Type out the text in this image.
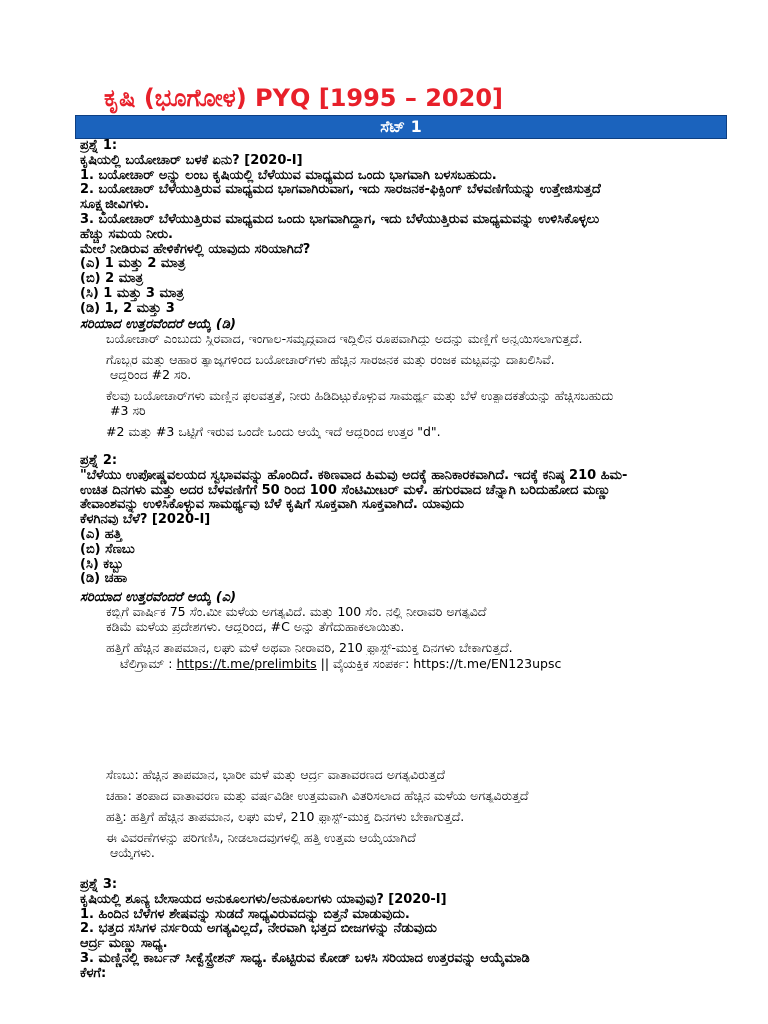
ಕೃಷಿ (ಭೂಗೋಳ) PYQ [1995 – 2020]
ಸೆಟ್ 1
ಪ್ರಶ್ನೆ 1:
ಕೃಷಿಯಲ್ಲಿ ಬಯೋಚಾರ್ ಬಳಕೆ ಏನು? [2020-I]
1. ಬಯೋಚಾರ್ ಅನ್ನು ಲಂಬ ಕೃಷಿಯಲ್ಲಿ ಬೆಳೆಯುವ ಮಾಧ್ಯಮದ ಒಂದು ಭಾಗವಾಗಿ ಬಳಸಬಹುದು.
2. ಬಯೋಚಾರ್ ಬೆಳೆಯುತ್ತಿರುವ ಮಾಧ್ಯಮದ ಭಾಗವಾಗಿರುವಾಗ, ಇದು ಸಾರಜನಕ-ಫಿಕ್ಸಿಂಗ್ ಬೆಳವಣಿಗೆಯನ್ನು ಉತ್ತೇಜಿಸುತ್ತದೆ
ಸೂಕ್ಷ್ಮಜೀವಿಗಳು.
3. ಬಯೋಚಾರ್ ಬೆಳೆಯುತ್ತಿರುವ ಮಾಧ್ಯಮದ ಒಂದು ಭಾಗವಾಗಿದ್ದಾಗ, ಇದು ಬೆಳೆಯುತ್ತಿರುವ ಮಾಧ್ಯಮವನ್ನು ಉಳಿಸಿಕೊಳ್ಳಲು
ಹೆಚ್ಚು ಸಮಯ ನೀರು.
ಮೇಲೆ ನೀಡಿರುವ ಹೇಳಿಕೆಗಳಲ್ಲಿ ಯಾವುದು ಸರಿಯಾಗಿದೆ?
(ಎ) 1 ಮತ್ತು 2 ಮಾತ್ರ
(ಬಿ) 2 ಮಾತ್ರ
(ಸಿ) 1 ಮತ್ತು 3 ಮಾತ್ರ
(ಡಿ) 1, 2 ಮತ್ತು 3
ಸರಿಯಾದ ಉತ್ತರವೆಂದರೆ ಆಯ್ಕೆ (ಡಿ)
ಬಯೋಚಾರ್ ಎಂಬುದು ಸ್ಥಿರವಾದ, ಇಂಗಾಲ-ಸಮೃದ್ಧವಾದ ಇದ್ದಿಲಿನ ರೂಪವಾಗಿದ್ದು ಅದನ್ನು ಮಣ್ಣಿಗೆ ಅನ್ವಯಿಸಲಾಗುತ್ತದೆ.
ಗೊಬ್ಬರ ಮತ್ತು ಆಹಾರ ತ್ಯಾಜ್ಯಗಳಿಂದ ಬಯೋಚಾರ್‌ಗಳು ಹೆಚ್ಚಿನ ಸಾರಜನಕ ಮತ್ತು ರಂಜಕ ಮಟ್ಟವನ್ನು ದಾಖಲಿಸಿವೆ.
ಆದ್ದರಿಂದ #2 ಸರಿ.
ಕೆಲವು ಬಯೋಚಾರ್‌ಗಳು ಮಣ್ಣಿನ ಫಲವತ್ತತೆ, ನೀರು ಹಿಡಿದಿಟ್ಟುಕೊಳ್ಳುವ ಸಾಮರ್ಥ್ಯ ಮತ್ತು ಬೆಳೆ ಉತ್ಪಾದಕತೆಯನ್ನು ಹೆಚ್ಚಿಸಬಹುದು
#3 ಸರಿ
#2 ಮತ್ತು #3 ಒಟ್ಟಿಗೆ ಇರುವ ಒಂದೇ ಒಂದು ಆಯ್ಕೆ ಇದೆ ಆದ್ದರಿಂದ ಉತ್ತರ "d".
ಪ್ರಶ್ನೆ 2:
"ಬೆಳೆಯು ಉಪೋಷ್ಣವಲಯದ ಸ್ವಭಾವವನ್ನು ಹೊಂದಿದೆ. ಕಠಿಣವಾದ ಹಿಮವು ಅದಕ್ಕೆ ಹಾನಿಕಾರಕವಾಗಿದೆ. ಇದಕ್ಕೆ ಕನಿಷ್ಠ 210 ಹಿಮ-
ಉಚಿತ ದಿನಗಳು ಮತ್ತು ಅದರ ಬೆಳವಣಿಗೆಗೆ 50 ರಿಂದ 100 ಸೆಂಟಿಮೀಟರ್ ಮಳೆ. ಹಗುರವಾದ ಚೆನ್ನಾಗಿ ಬರಿದುಹೋದ ಮಣ್ಣು
ತೇವಾಂಶವನ್ನು ಉಳಿಸಿಕೊಳ್ಳುವ ಸಾಮರ್ಥ್ಯವು ಬೆಳೆ ಕೃಷಿಗೆ ಸೂಕ್ತವಾಗಿ ಸೂಕ್ತವಾಗಿದೆ. ಯಾವುದು
ಕೆಳಗಿನವು ಬೆಳೆ? [2020-I]
(ಎ) ಹತ್ತಿ
(ಬಿ) ಸೆಣಬು
(ಸಿ) ಕಬ್ಬು
(ಡಿ) ಚಹಾ
ಸರಿಯಾದ ಉತ್ತರವೆಂದರೆ ಆಯ್ಕೆ (ಎ)
ಕಬ್ಬಿಗೆ ವಾರ್ಷಿಕ 75 ಸೆಂ.ಮೀ ಮಳೆಯ ಅಗತ್ಯವಿದೆ. ಮತ್ತು 100 ಸೆಂ. ನಲ್ಲಿ ನೀರಾವರಿ ಅಗತ್ಯವಿದೆ
ಕಡಿಮೆ ಮಳೆಯ ಪ್ರದೇಶಗಳು. ಆದ್ದರಿಂದ, #C ಅನ್ನು ತೆಗೆದುಹಾಕಲಾಯಿತು.
ಹತ್ತಿಗೆ ಹೆಚ್ಚಿನ ತಾಪಮಾನ, ಲಘು ಮಳೆ ಅಥವಾ ನೀರಾವರಿ, 210 ಫ್ರಾಸ್ಟ್-ಮುಕ್ತ ದಿನಗಳು ಬೇಕಾಗುತ್ತದೆ.
ಟೆಲಿಗ್ರಾಮ್ : https://t.me/prelimbits || ವೈಯಕ್ತಿಕ ಸಂಪರ್ಕ: https://t.me/EN123upsc
ಸೆಣಬು: ಹೆಚ್ಚಿನ ತಾಪಮಾನ, ಭಾರೀ ಮಳೆ ಮತ್ತು ಆರ್ದ್ರ ವಾತಾವರಣದ ಅಗತ್ಯವಿರುತ್ತದೆ
ಚಹಾ: ತಂಪಾದ ವಾತಾವರಣ ಮತ್ತು ವರ್ಷವಿಡೀ ಉತ್ತಮವಾಗಿ ವಿತರಿಸಲಾದ ಹೆಚ್ಚಿನ ಮಳೆಯ ಅಗತ್ಯವಿರುತ್ತದೆ
ಹತ್ತಿ: ಹತ್ತಿಗೆ ಹೆಚ್ಚಿನ ತಾಪಮಾನ, ಲಘು ಮಳೆ, 210 ಫ್ರಾಸ್ಟ್-ಮುಕ್ತ ದಿನಗಳು ಬೇಕಾಗುತ್ತದೆ.
ಈ ವಿವರಣೆಗಳನ್ನು ಪರಿಗಣಿಸಿ, ನೀಡಲಾದವುಗಳಲ್ಲಿ ಹತ್ತಿ ಉತ್ತಮ ಆಯ್ಕೆಯಾಗಿದೆ
ಆಯ್ಕೆಗಳು.
ಪ್ರಶ್ನೆ 3:
ಕೃಷಿಯಲ್ಲಿ ಶೂನ್ಯ ಬೇಸಾಯದ ಅನುಕೂಲಗಳು/ಅನುಕೂಲಗಳು ಯಾವುವು? [2020-I]
1. ಹಿಂದಿನ ಬೆಳೆಗಳ ಶೇಷವನ್ನು ಸುಡದೆ ಸಾಧ್ಯವಿರುವದನ್ನು ಬಿತ್ತನೆ ಮಾಡುವುದು.
2. ಭತ್ತದ ಸಸಿಗಳ ನರ್ಸರಿಯ ಅಗತ್ಯವಿಲ್ಲದೆ, ನೇರವಾಗಿ ಭತ್ತದ ಬೀಜಗಳನ್ನು ನೆಡುವುದು
ಆರ್ದ್ರ ಮಣ್ಣು ಸಾಧ್ಯ.
3. ಮಣ್ಣಿನಲ್ಲಿ ಕಾರ್ಬನ್ ಸೀಕ್ವೆಸ್ಟ್ರೇಶನ್ ಸಾಧ್ಯ. ಕೊಟ್ಟಿರುವ ಕೋಡ್ ಬಳಸಿ ಸರಿಯಾದ ಉತ್ತರವನ್ನು ಆಯ್ಕೆಮಾಡಿ
ಕೆಳಗೆ:
